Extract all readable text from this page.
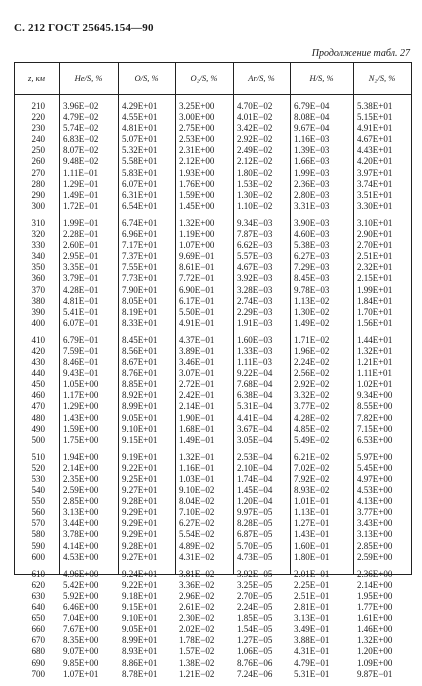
С. 212 ГОСТ 25645.154—90
Продолжение табл. 27
z, км	He/S, %	O/S, %	O₂/S, %	Ar/S, %	H/S, %	N₂/S, %
210 3.96E−02	4.29E+01	3.25E+00	4.70E−02	6.79E−04	5.38E+01
220 4.79E−02	4.55E+01	3.00E+00	4.01E−02	8.08E−04	5.15E+01
230 5.74E−02	4.81E+01	2.75E+00	3.42E−02	9.67E−04	4.91E+01
240 6.83E−02	5.07E+01	2.53E+00	2.92E−02	1.16E−03	4.67E+01
250 8.07E−02	5.32E+01	2.31E+00	2.49E−02	1.39E−03	4.43E+01
260 9.48E−02	5.58E+01	2.12E+00	2.12E−02	1.66E−03	4.20E+01
270 1.11E−01	5.83E+01	1.93E+00	1.80E−02	1.99E−03	3.97E+01
280 1.29E−01	6.07E+01	1.76E+00	1.53E−02	2.36E−03	3.74E+01
290 1.49E−01	6.31E+01	1.59E+00	1.30E−02	2.80E−03	3.51E+01
300 1.72E−01	6.54E+01	1.45E+00	1.10E−02	3.31E−03	3.30E+01
310 1.99E−01	6.74E+01	1.32E+00	9.34E−03	3.90E−03	3.10E+01
320 2.28E−01	6.96E+01	1.19E+00	7.87E−03	4.60E−03	2.90E+01
330 2.60E−01	7.17E+01	1.07E+00	6.62E−03	5.38E−03	2.70E+01
340 2.95E−01	7.37E+01	9.69E−01	5.57E−03	6.27E−03	2.51E+01
350 3.35E−01	7.55E+01	8.61E−01	4.67E−03	7.29E−03	2.32E+01
360 3.79E−01	7.73E+01	7.72E−01	3.92E−03	8.45E−03	2.15E+01
370 4.28E−01	7.90E+01	6.90E−01	3.28E−03	9.78E−03	1.99E+01
380 4.81E−01	8.05E+01	6.17E−01	2.74E−03	1.13E−02	1.84E+01
390 5.41E−01	8.19E+01	5.50E−01	2.29E−03	1.30E−02	1.70E+01
400 6.07E−01	8.33E+01	4.91E−01	1.91E−03	1.49E−02	1.56E+01
410 6.79E−01	8.45E+01	4.37E−01	1.60E−03	1.71E−02	1.44E+01
420 7.59E−01	8.56E+01	3.89E−01	1.33E−03	1.96E−02	1.32E+01
430 8.46E−01	8.67E+01	3.46E−01	1.11E−03	2.24E−02	1.21E+01
440 9.43E−01	8.76E+01	3.07E−01	9.22E−04	2.56E−02	1.11E+01
450 1.05E+00	8.85E+01	2.72E−01	7.68E−04	2.92E−02	1.02E+01
460 1.17E+00	8.92E+01	2.42E−01	6.38E−04	3.32E−02	9.34E+00
470 1.29E+00	8.99E+01	2.14E−01	5.31E−04	3.77E−02	8.55E+00
480 1.43E+00	9.05E+01	1.90E−01	4.41E−04	4.28E−02	7.82E+00
490 1.59E+00	9.10E+01	1.68E−01	3.67E−04	4.85E−02	7.15E+00
500 1.75E+00	9.15E+01	1.49E−01	3.05E−04	5.49E−02	6.53E+00
510 1.94E+00	9.19E+01	1.32E−01	2.53E−04	6.21E−02	5.97E+00
520 2.14E+00	9.22E+01	1.16E−01	2.10E−04	7.02E−02	5.45E+00
530 2.35E+00	9.25E+01	1.03E−01	1.74E−04	7.92E−02	4.97E+00
540 2.59E+00	9.27E+01	9.10E−02	1.45E−04	8.93E−02	4.53E+00
550 2.85E+00	9.28E+01	8.04E−02	1.20E−04	1.01E−01	4.13E+00
560 3.13E+00	9.29E+01	7.10E−02	9.97E−05	1.13E−01	3.77E+00
570 3.44E+00	9.29E+01	6.27E−02	8.28E−05	1.27E−01	3.43E+00
580 3.78E+00	9.29E+01	5.54E−02	6.87E−05	1.43E−01	3.13E+00
590 4.14E+00	9.28E+01	4.89E−02	5.70E−05	1.60E−01	2.85E+00
600 4.53E+00	9.27E+01	4.31E−02	4.73E−05	1.80E−01	2.59E+00
610 4.96E+00	9.24E+01	3.81E−02	3.92E−05	2.01E−01	2.36E+00
620 5.42E+00	9.22E+01	3.36E−02	3.25E−05	2.25E−01	2.14E+00
630 5.92E+00	9.18E+01	2.96E−02	2.70E−05	2.51E−01	1.95E+00
640 6.46E+00	9.15E+01	2.61E−02	2.24E−05	2.81E−01	1.77E+00
650 7.04E+00	9.10E+01	2.30E−02	1.85E−05	3.13E−01	1.61E+00
660 7.67E+00	9.05E+01	2.02E−02	1.54E−05	3.49E−01	1.46E+00
670 8.35E+00	8.99E+01	1.78E−02	1.27E−05	3.88E−01	1.32E+00
680 9.07E+00	8.93E+01	1.57E−02	1.06E−05	4.31E−01	1.20E+00
690 9.85E+00	8.86E+01	1.38E−02	8.76E−06	4.79E−01	1.09E+00
700 1.07E+01	8.78E+01	1.21E−02	7.24E−06	5.31E−01	9.87E−01
